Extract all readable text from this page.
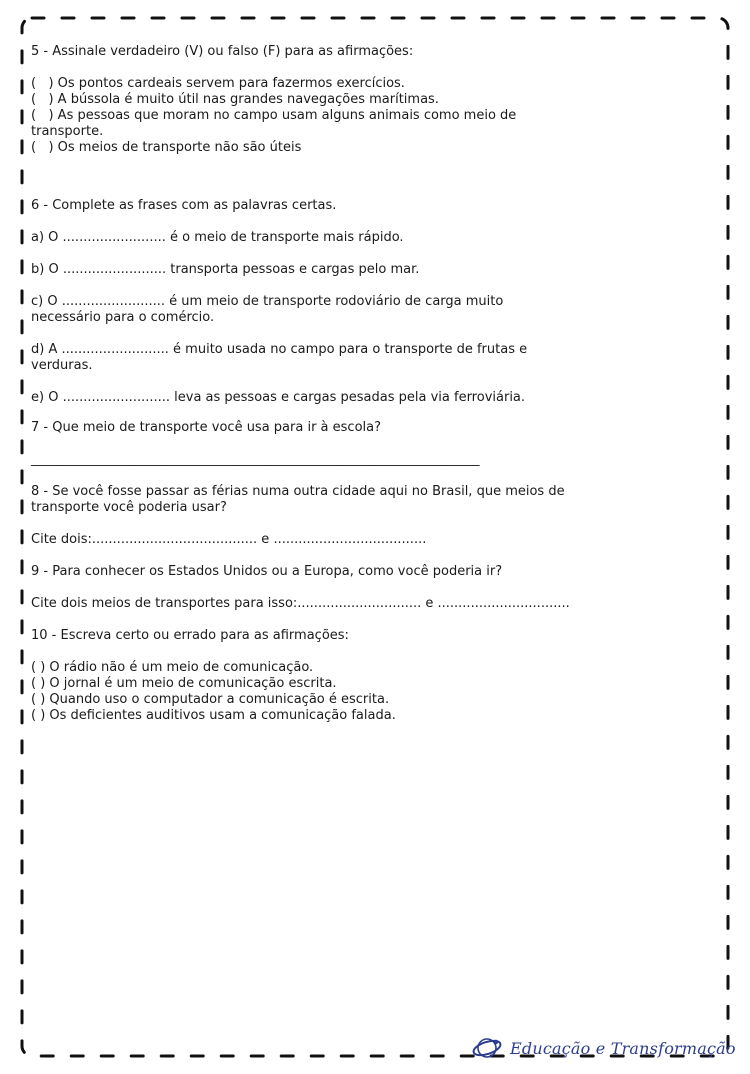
5 - Assinale verdadeiro (V) ou falso (F) para as afirmações:

(   ) Os pontos cardeais servem para fazermos exercícios.

(   ) A bússola é muito útil nas grandes navegações marítimas.

(   ) As pessoas que moram no campo usam alguns animais como meio de

transporte.

(   ) Os meios de transporte não são úteis

6 - Complete as frases com as palavras certas.

a) O ......................... é o meio de transporte mais rápido.

b) O ......................... transporta pessoas e cargas pelo mar.

c) O ......................... é um meio de transporte rodoviário de carga muito

necessário para o comércio.

d) A .......................... é muito usada no campo para o transporte de frutas e

verduras.

e) O .......................... leva as pessoas e cargas pesadas pela via ferroviária.

7 - Que meio de transporte você usa para ir à escola?

_____________________________________________________________________

8 - Se você fosse passar as férias numa outra cidade aqui no Brasil, que meios de

transporte você poderia usar?

Cite dois:........................................ e .....................................

9 - Para conhecer os Estados Unidos ou a Europa, como você poderia ir?

Cite dois meios de transportes para isso:.............................. e ................................

10 - Escreva certo ou errado para as afirmações:

( ) O rádio não é um meio de comunicação.

( ) O jornal é um meio de comunicação escrita.

( ) Quando uso o computador a comunicação é escrita.

( ) Os deficientes auditivos usam a comunicação falada.

Educação e Transformação
